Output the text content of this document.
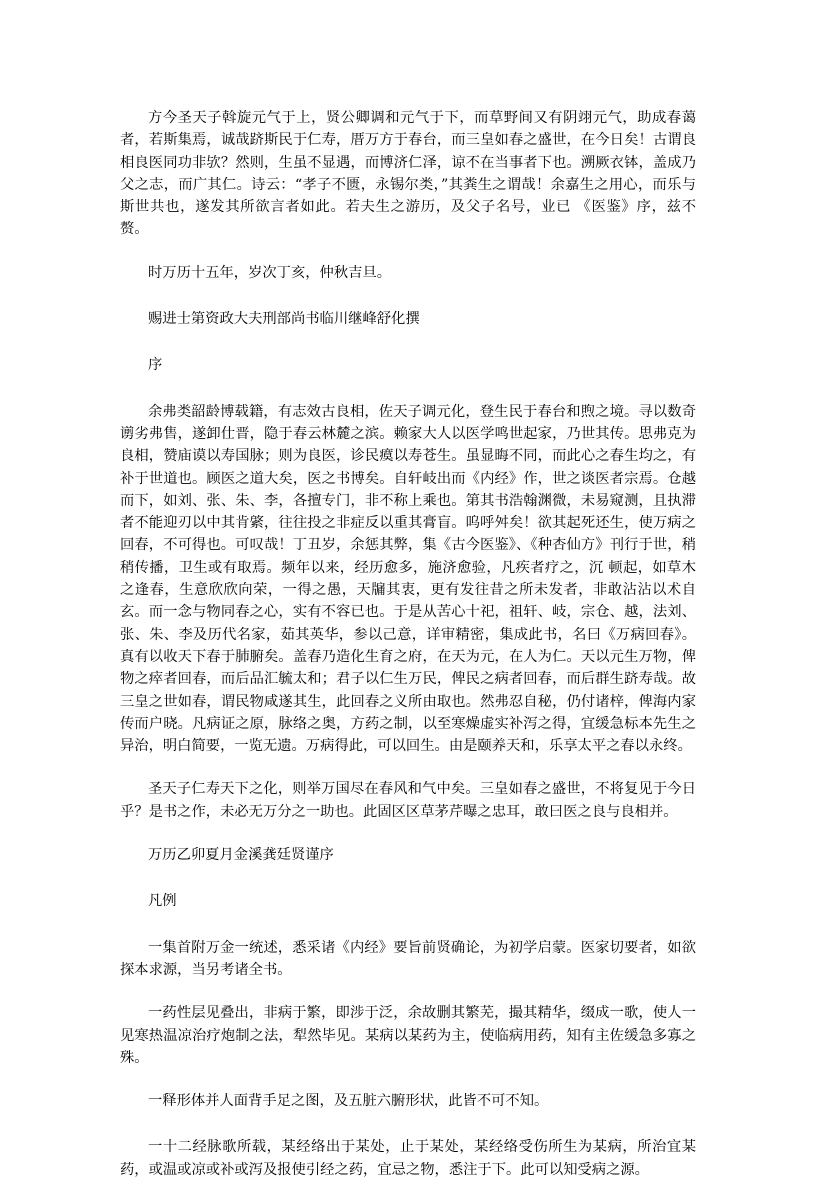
方今圣天子斡旋元气于上，贤公卿调和元气于下，而草野间又有阴翊元气，助成春蔼者，若斯集焉，诚哉跻斯民于仁寿，厝万方于春台，而三皇如春之盛世，在今日矣！古谓良相良医同功非欤？然则，生虽不显遇，而博济仁泽，谅不在当事者下也。溯厥衣钵，盖成乃父之志，而广其仁。诗云：“孝子不匮，永锡尔类，”其粪生之谓哉！余嘉生之用心，而乐与斯世共也，遂发其所欲言者如此。若夫生之游历，及父子名号，业已 《医鉴》序，兹不赘。

时万历十五年，岁次丁亥，仲秋吉旦。

赐进士第资政大夫刑部尚书临川继峰舒化撰

序

余弗类韶龄博载籍，有志效古良相，佐天子调元化，登生民于春台和煦之境。寻以数奇谫劣弗售，遂卸仕晋，隐于春云林麓之滨。赖家大人以医学鸣世起家，乃世其传。思弗克为良相，赞庙谟以寿国脉；则为良医，诊民瘼以寿苍生。虽显晦不同，而此心之春生均之，有补于世道也。顾医之道大矣，医之书博矣。自轩岐出而《内经》作，世之谈医者宗焉。仓越而下，如刘、张、朱、李，各擅专门，非不称上乘也。第其书浩翰渊微，未易窥测，且执滞者不能迎刃以中其肯綮，往往投之非症反以重其膏盲。呜呼舛矣！欲其起死还生，使万病之回春，不可得也。可叹哉！丁丑岁，余惩其弊，集《古今医鉴》、《种杏仙方》刊行于世，稍稍传播，卫生或有取焉。频年以来，经历愈多，施济愈验，凡疾者疗之，沉 顿起，如草木之逢春，生意欣欣向荣，一得之愚，天牖其衷，更有发往昔之所未发者，非敢沾沾以术自玄。而一念与物同春之心，实有不容已也。于是从苦心十祀，祖轩、岐，宗仓、越，法刘、张、朱、李及历代名家，茹其英华，参以己意，详审精密，集成此书，名曰《万病回春》。真有以收天下春于肺腑矣。盖春乃造化生育之府，在天为元，在人为仁。天以元生万物，俾物之瘁者回春，而后品汇毓太和；君子以仁生万民，俾民之病者回春，而后群生跻寿哉。故三皇之世如春，谓民物咸遂其生，此回春之义所由取也。然弗忍自秘，仍付诸梓，俾海内家传而户晓。凡病证之原，脉络之奥，方药之制，以至寒燥虚实补泻之得，宜缓急标本先生之异治，明白简要，一览无遗。万病得此，可以回生。由是颐养天和，乐享太平之春以永终。

圣天子仁寿天下之化，则举万国尽在春风和气中矣。三皇如春之盛世，不将复见于今日乎？是书之作，未必无万分之一助也。此固区区草茅芹曝之忠耳，敢曰医之良与良相并。

万历乙卯夏月金溪龚廷贤谨序

凡例

一集首附万金一统述，悉采诸《内经》要旨前贤确论，为初学启蒙。医家切要者，如欲探本求源，当另考诸全书。

一药性层见叠出，非病于繁，即涉于泛，余故删其繁芜，撮其精华，缀成一歌，使人一见寒热温凉治疗炮制之法，犁然毕见。某病以某药为主，使临病用药，知有主佐缓急多寡之殊。

一释形体并人面背手足之图，及五脏六腑形状，此皆不可不知。

一十二经脉歌所载，某经络出于某处，止于某处，某经络受伤所生为某病，所治宜某药，或温或凉或补或泻及报使引经之药，宜忌之物，悉注于下。此可以知受病之源。
